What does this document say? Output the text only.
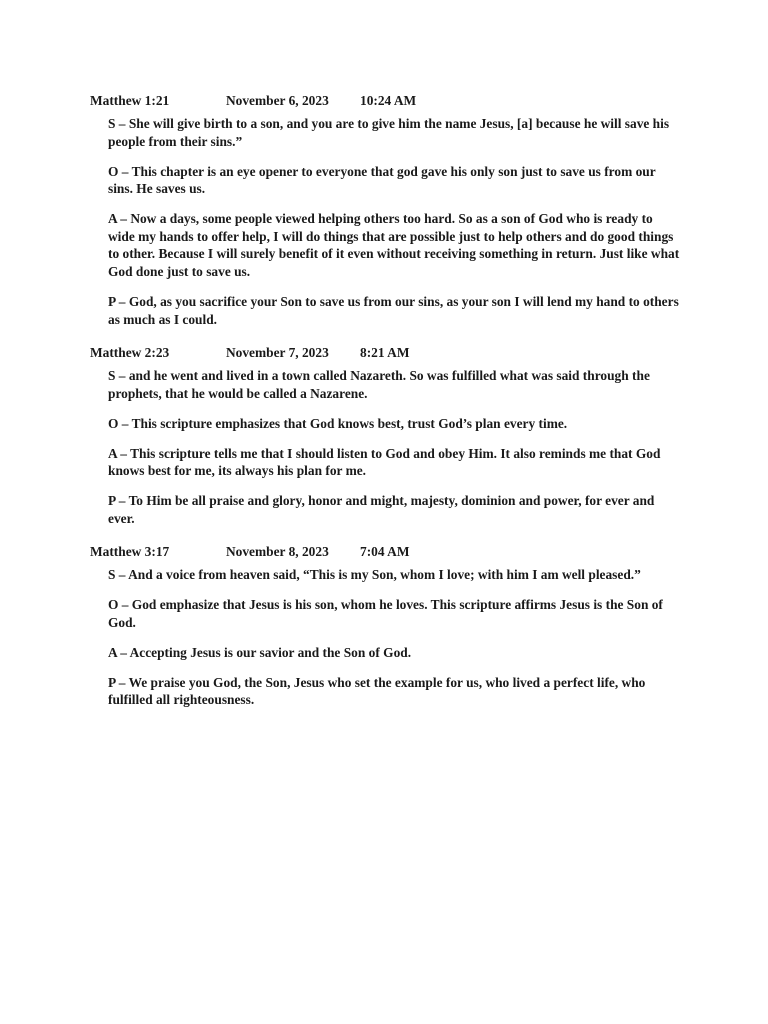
Matthew 1:21	November 6, 2023 10:24 AM

S – She will give birth to a son, and you are to give him the name Jesus, [a] because he will save his people from their sins.”

O – This chapter is an eye opener to everyone that god gave his only son just to save us from our sins. He saves us.

A – Now a days, some people viewed helping others too hard. So as a son of God who is ready to wide my hands to offer help, I will do things that are possible just to help others and do good things to other. Because I will surely benefit of it even without receiving something in return. Just like what God done just to save us.

P – God, as you sacrifice your Son to save us from our sins, as your son I will lend my hand to others as much as I could.

Matthew 2:23	November 7, 2023 8:21 AM

S – and he went and lived in a town called Nazareth. So was fulfilled what was said through the prophets, that he would be called a Nazarene.

O – This scripture emphasizes that God knows best, trust God’s plan every time.

A – This scripture tells me that I should listen to God and obey Him. It also reminds me that God knows best for me, its always his plan for me.

P – To Him be all praise and glory, honor and might, majesty, dominion and power, for ever and ever.

Matthew 3:17	November 8, 2023 7:04 AM

S – And a voice from heaven said, “This is my Son, whom I love; with him I am well pleased.”

O – God emphasize that Jesus is his son, whom he loves. This scripture affirms Jesus is the Son of God.

A – Accepting Jesus is our savior and the Son of God.

P – We praise you God, the Son, Jesus who set the example for us, who lived a perfect life, who fulfilled all righteousness.
